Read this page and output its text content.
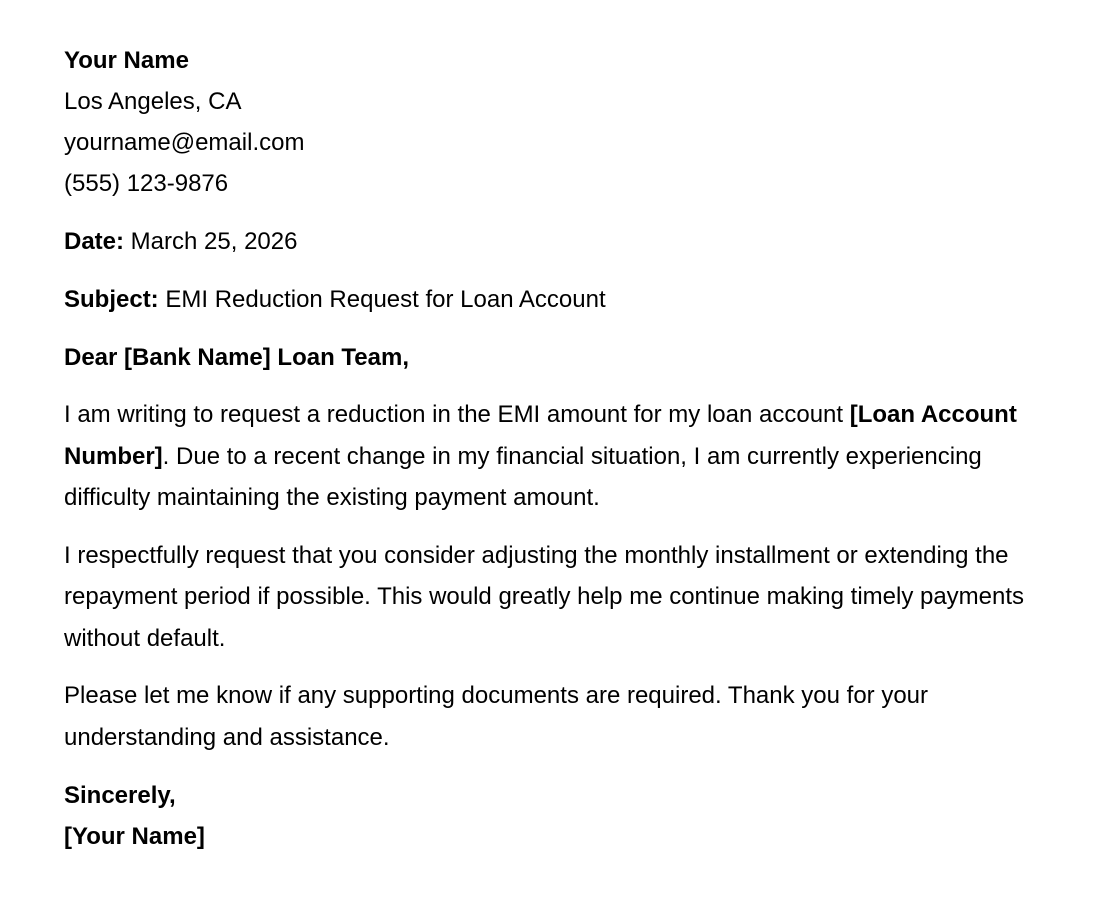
Your Name
Los Angeles, CA
yourname@email.com
(555) 123-9876
Date: March 25, 2026
Subject: EMI Reduction Request for Loan Account
Dear [Bank Name] Loan Team,

I am writing to request a reduction in the EMI amount for my loan account [Loan Account Number]. Due to a recent change in my financial situation, I am currently experiencing difficulty maintaining the existing payment amount.

I respectfully request that you consider adjusting the monthly installment or extending the repayment period if possible. This would greatly help me continue making timely payments without default.

Please let me know if any supporting documents are required. Thank you for your understanding and assistance.

Sincerely,
[Your Name]
